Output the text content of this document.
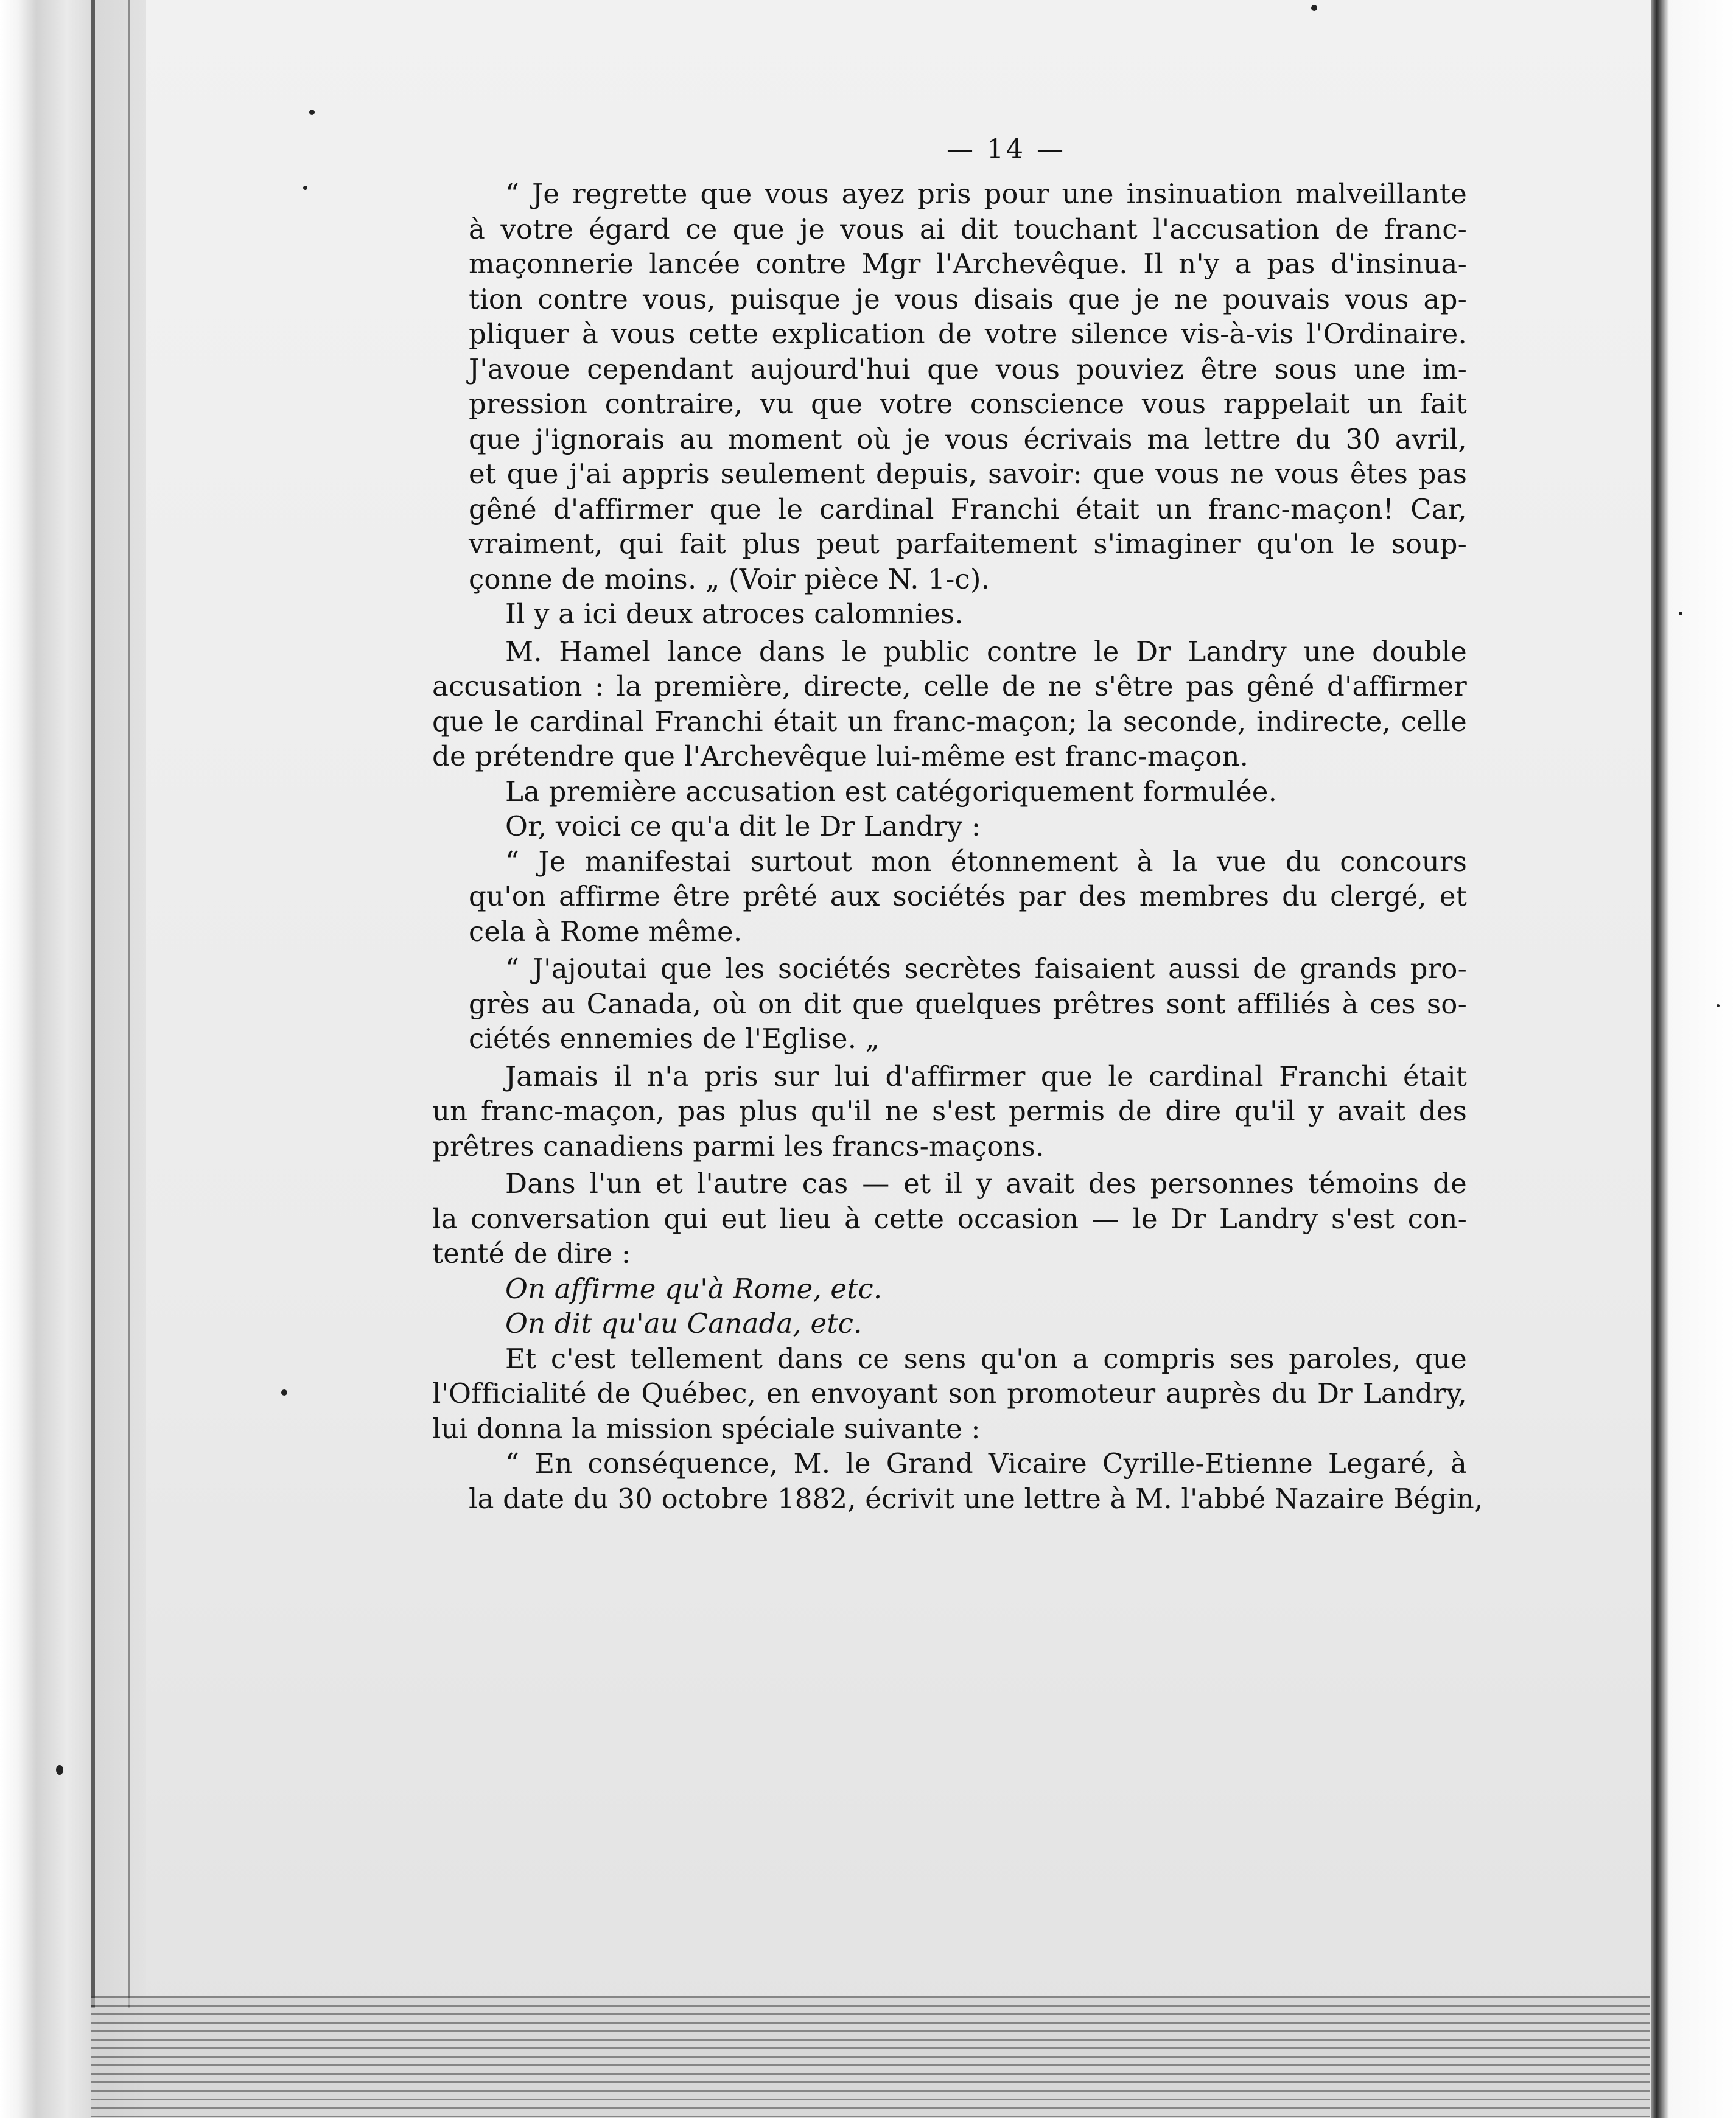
— 14 —
“ Je regrette que vous ayez pris pour une insinuation malveillante
à votre égard ce que je vous ai dit touchant l'accusation de franc-
maçonnerie lancée contre Mgr l'Archevêque. Il n'y a pas d'insinua-
tion contre vous, puisque je vous disais que je ne pouvais vous ap-
pliquer à vous cette explication de votre silence vis-à-vis l'Ordinaire.
J'avoue cependant aujourd'hui que vous pouviez être sous une im-
pression contraire, vu que votre conscience vous rappelait un fait
que j'ignorais au moment où je vous écrivais ma lettre du 30 avril,
et que j'ai appris seulement depuis, savoir: que vous ne vous êtes pas
gêné d'affirmer que le cardinal Franchi était un franc-maçon! Car,
vraiment, qui fait plus peut parfaitement s'imaginer qu'on le soup-
çonne de moins. „ (Voir pièce N. 1-c).
Il y a ici deux atroces calomnies.
M. Hamel lance dans le public contre le Dr Landry une double
accusation : la première, directe, celle de ne s'être pas gêné d'affirmer
que le cardinal Franchi était un franc-maçon; la seconde, indirecte, celle
de prétendre que l'Archevêque lui-même est franc-maçon.
La première accusation est catégoriquement formulée.
Or, voici ce qu'a dit le Dr Landry :
“ Je manifestai surtout mon étonnement à la vue du concours
qu'on affirme être prêté aux sociétés par des membres du clergé, et
cela à Rome même.
“ J'ajoutai que les sociétés secrètes faisaient aussi de grands pro-
grès au Canada, où on dit que quelques prêtres sont affiliés à ces so-
ciétés ennemies de l'Eglise. „
Jamais il n'a pris sur lui d'affirmer que le cardinal Franchi était
un franc-maçon, pas plus qu'il ne s'est permis de dire qu'il y avait des
prêtres canadiens parmi les francs-maçons.
Dans l'un et l'autre cas — et il y avait des personnes témoins de
la conversation qui eut lieu à cette occasion — le Dr Landry s'est con-
tenté de dire :
On affirme qu'à Rome, etc.
On dit qu'au Canada, etc.
Et c'est tellement dans ce sens qu'on a compris ses paroles, que
l'Officialité de Québec, en envoyant son promoteur auprès du Dr Landry,
lui donna la mission spéciale suivante :
“ En conséquence, M. le Grand Vicaire Cyrille-Etienne Legaré, à
la date du 30 octobre 1882, écrivit une lettre à M. l'abbé Nazaire Bégin,
